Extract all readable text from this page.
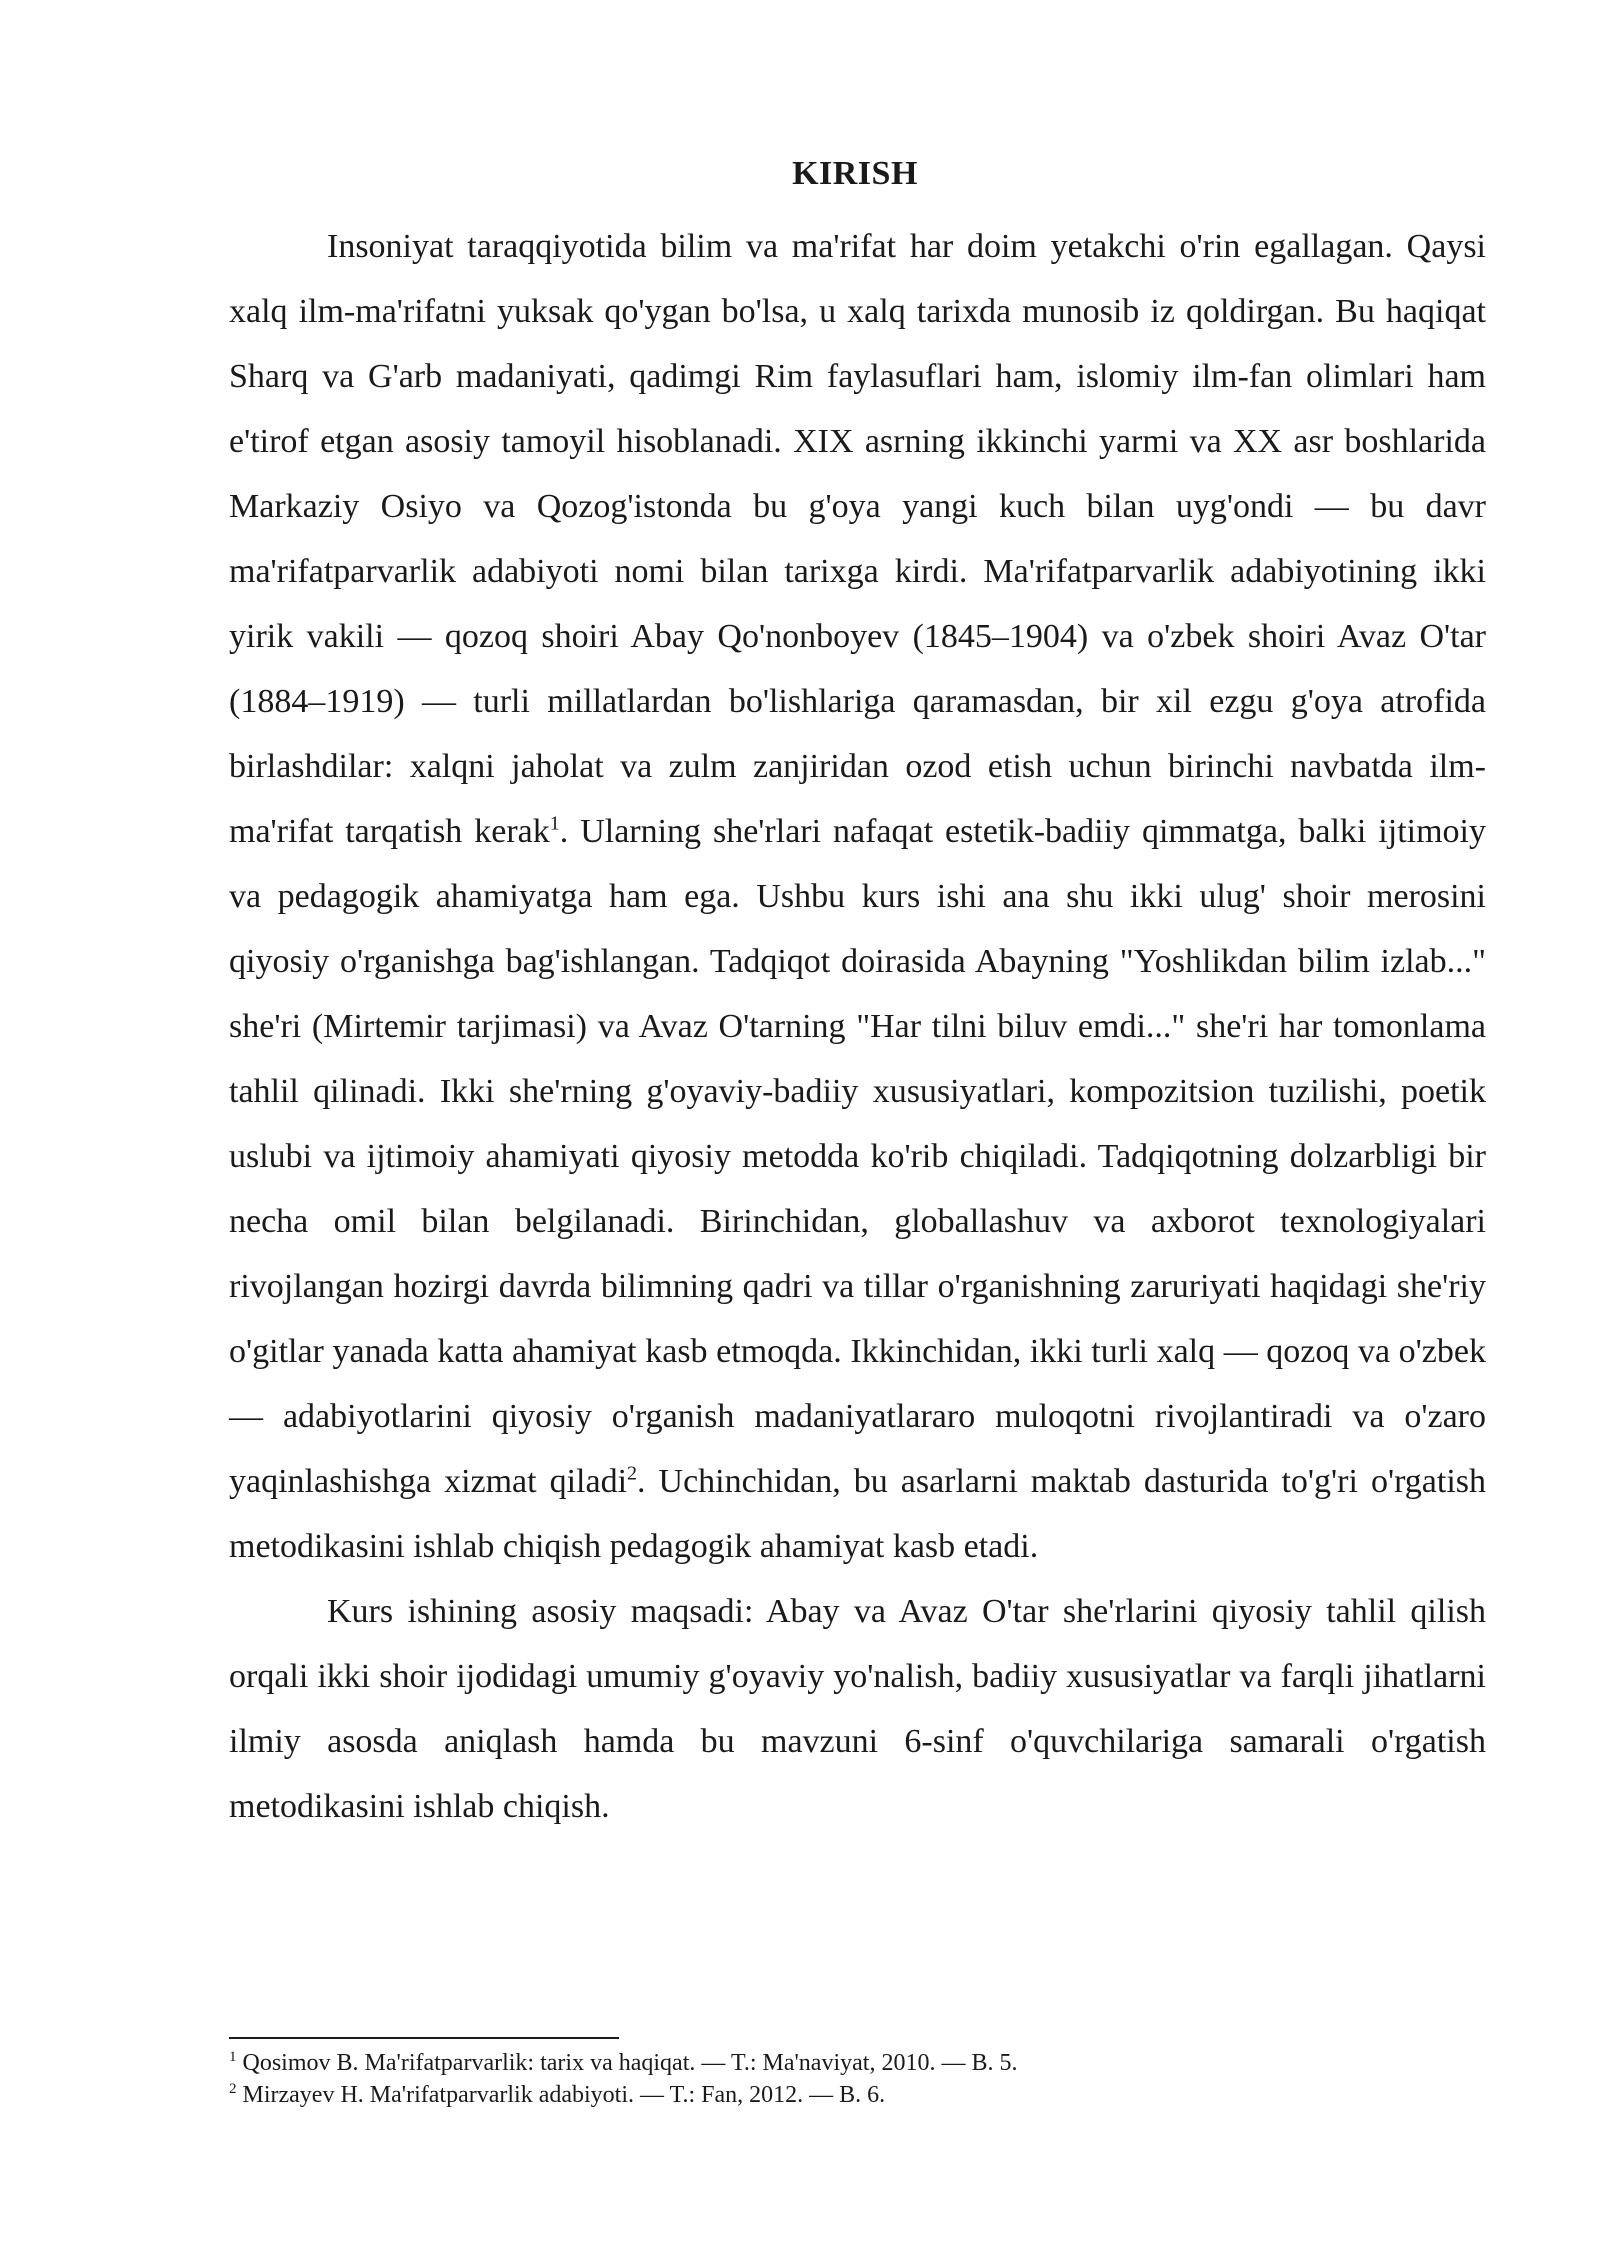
KIRISH

Insoniyat taraqqiyotida bilim va ma'rifat har doim yetakchi o'rin egallagan. Qaysi xalq ilm-ma'rifatni yuksak qo'ygan bo'lsa, u xalq tarixda munosib iz qoldirgan. Bu haqiqat Sharq va G'arb madaniyati, qadimgi Rim faylasuflari ham, islomiy ilm-fan olimlari ham e'tirof etgan asosiy tamoyil hisoblanadi. XIX asrning ikkinchi yarmi va XX asr boshlarida Markaziy Osiyo va Qozog'istonda bu g'oya yangi kuch bilan uyg'ondi — bu davr ma'rifatparvarlik adabiyoti nomi bilan tarixga kirdi. Ma'rifatparvarlik adabiyotining ikki yirik vakili — qozoq shoiri Abay Qo'nonboyev (1845–1904) va o'zbek shoiri Avaz O'tar (1884–1919) — turli millatlardan bo'lishlariga qaramasdan, bir xil ezgu g'oya atrofida birlashdilar: xalqni jaholat va zulm zanjiridan ozod etish uchun birinchi navbatda ilm-ma'rifat tarqatish kerak$^1$. Ularning she'rlari nafaqat estetik-badiiy qimmatga, balki ijtimoiy va pedagogik ahamiyatga ham ega. Ushbu kurs ishi ana shu ikki ulug' shoir merosini qiyosiy o'rganishga bag'ishlangan. Tadqiqot doirasida Abayning "Yoshlikdan bilim izlab..." she'ri (Mirtemir tarjimasi) va Avaz O'tarning "Har tilni biluv emdi..." she'ri har tomonlama tahlil qilinadi. Ikki she'rning g'oyaviy-badiiy xususiyatlari, kompozitsion tuzilishi, poetik uslubi va ijtimoiy ahamiyati qiyosiy metodda ko'rib chiqiladi. Tadqiqotning dolzarbligi bir necha omil bilan belgilanadi. Birinchidan, globallashuv va axborot texnologiyalari rivojlangan hozirgi davrda bilimning qadri va tillar o'rganishning zaruriyati haqidagi she'riy o'gitlar yanada katta ahamiyat kasb etmoqda. Ikkinchidan, ikki turli xalq — qozoq va o'zbek — adabiyotlarini qiyosiy o'rganish madaniyatlararo muloqotni rivojlantiradi va o'zaro yaqinlashishga xizmat qiladi$^2$. Uchinchidan, bu asarlarni maktab dasturida to'g'ri o'rgatish metodikasini ishlab chiqish pedagogik ahamiyat kasb etadi.

Kurs ishining asosiy maqsadi: Abay va Avaz O'tar she'rlarini qiyosiy tahlil qilish orqali ikki shoir ijodidagi umumiy g'oyaviy yo'nalish, badiiy xususiyatlar va farqli jihatlarni ilmiy asosda aniqlash hamda bu mavzuni 6-sinf o'quvchilariga samarali o'rgatish metodikasini ishlab chiqish.

$^1$ Qosimov B. Ma'rifatparvarlik: tarix va haqiqat. — T.: Ma'naviyat, 2010. — B. 5.
$^2$ Mirzayev H. Ma'rifatparvarlik adabiyoti. — T.: Fan, 2012. — B. 6.
